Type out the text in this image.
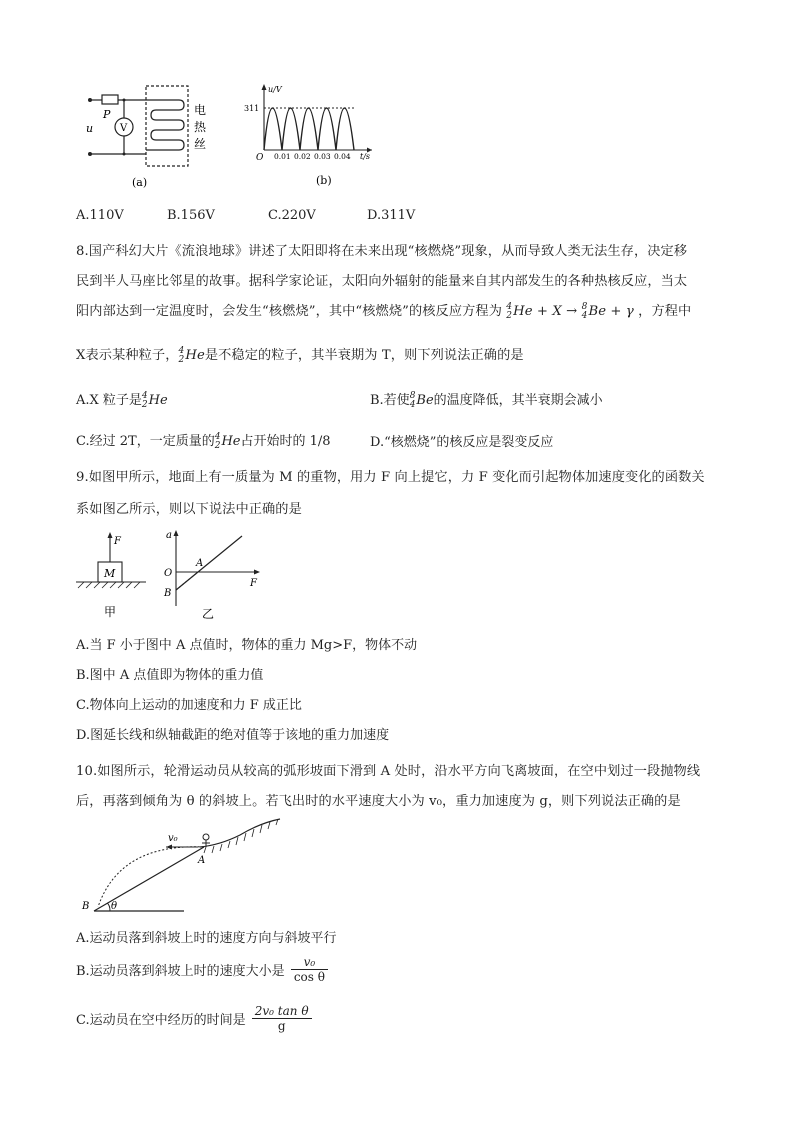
V
P
u
电
热
丝
(a)
u/V
311
O 0.01 0.02 0.03 0.04 t/s
(b)
A.110V	B.156V	C.220V	D.311V
8.国产科幻大片《流浪地球》讲述了太阳即将在未来出现“核燃烧”现象，从而导致人类无法生存，决定移
民到半人马座比邻星的故事。据科学家论证，太阳向外辐射的能量来自其内部发生的各种热核反应，当太
阳内部达到一定温度时，会发生“核燃烧”，其中“核燃烧”的核反应方程为 4
2 He + X → 8
4 Be + γ ，方程中
X表示某种粒子， 4
2 He是不稳定的粒子，其半衰期为 T，则下列说法正确的是
A.X 粒子是 4
2 He	B.若使 8
4 Be的温度降低，其半衰期会减小
C.经过 2T，一定质量的 4
2 He占开始时的 1/8	D.“核燃烧”的核反应是裂变反应
9.如图甲所示，地面上有一质量为 M 的重物，用力 F 向上提它，力 F 变化而引起物体加速度变化的函数关
系如图乙所示，则以下说法中正确的是
F
M
甲
a
A
O
F
B
乙
A.当 F 小于图中 A 点值时，物体的重力 Mg>F，物体不动
B.图中 A 点值即为物体的重力值
C.物体向上运动的加速度和力 F 成正比
D.图延长线和纵轴截距的绝对值等于该地的重力加速度
10.如图所示，轮滑运动员从较高的弧形坡面下滑到 A 处时，沿水平方向飞离坡面，在空中划过一段抛物线
后，再落到倾角为 θ 的斜坡上。若飞出时的水平速度大小为 v₀，重力加速度为 g，则下列说法正确的是
v₀
A
B θ
A.运动员落到斜坡上时的速度方向与斜坡平行
B.运动员落到斜坡上时的速度大小是 $\frac{\text{v₀}}{\text{cos θ}}$
C.运动员在空中经历的时间是 $\frac{\text{2v₀ tan θ}}{g}$
